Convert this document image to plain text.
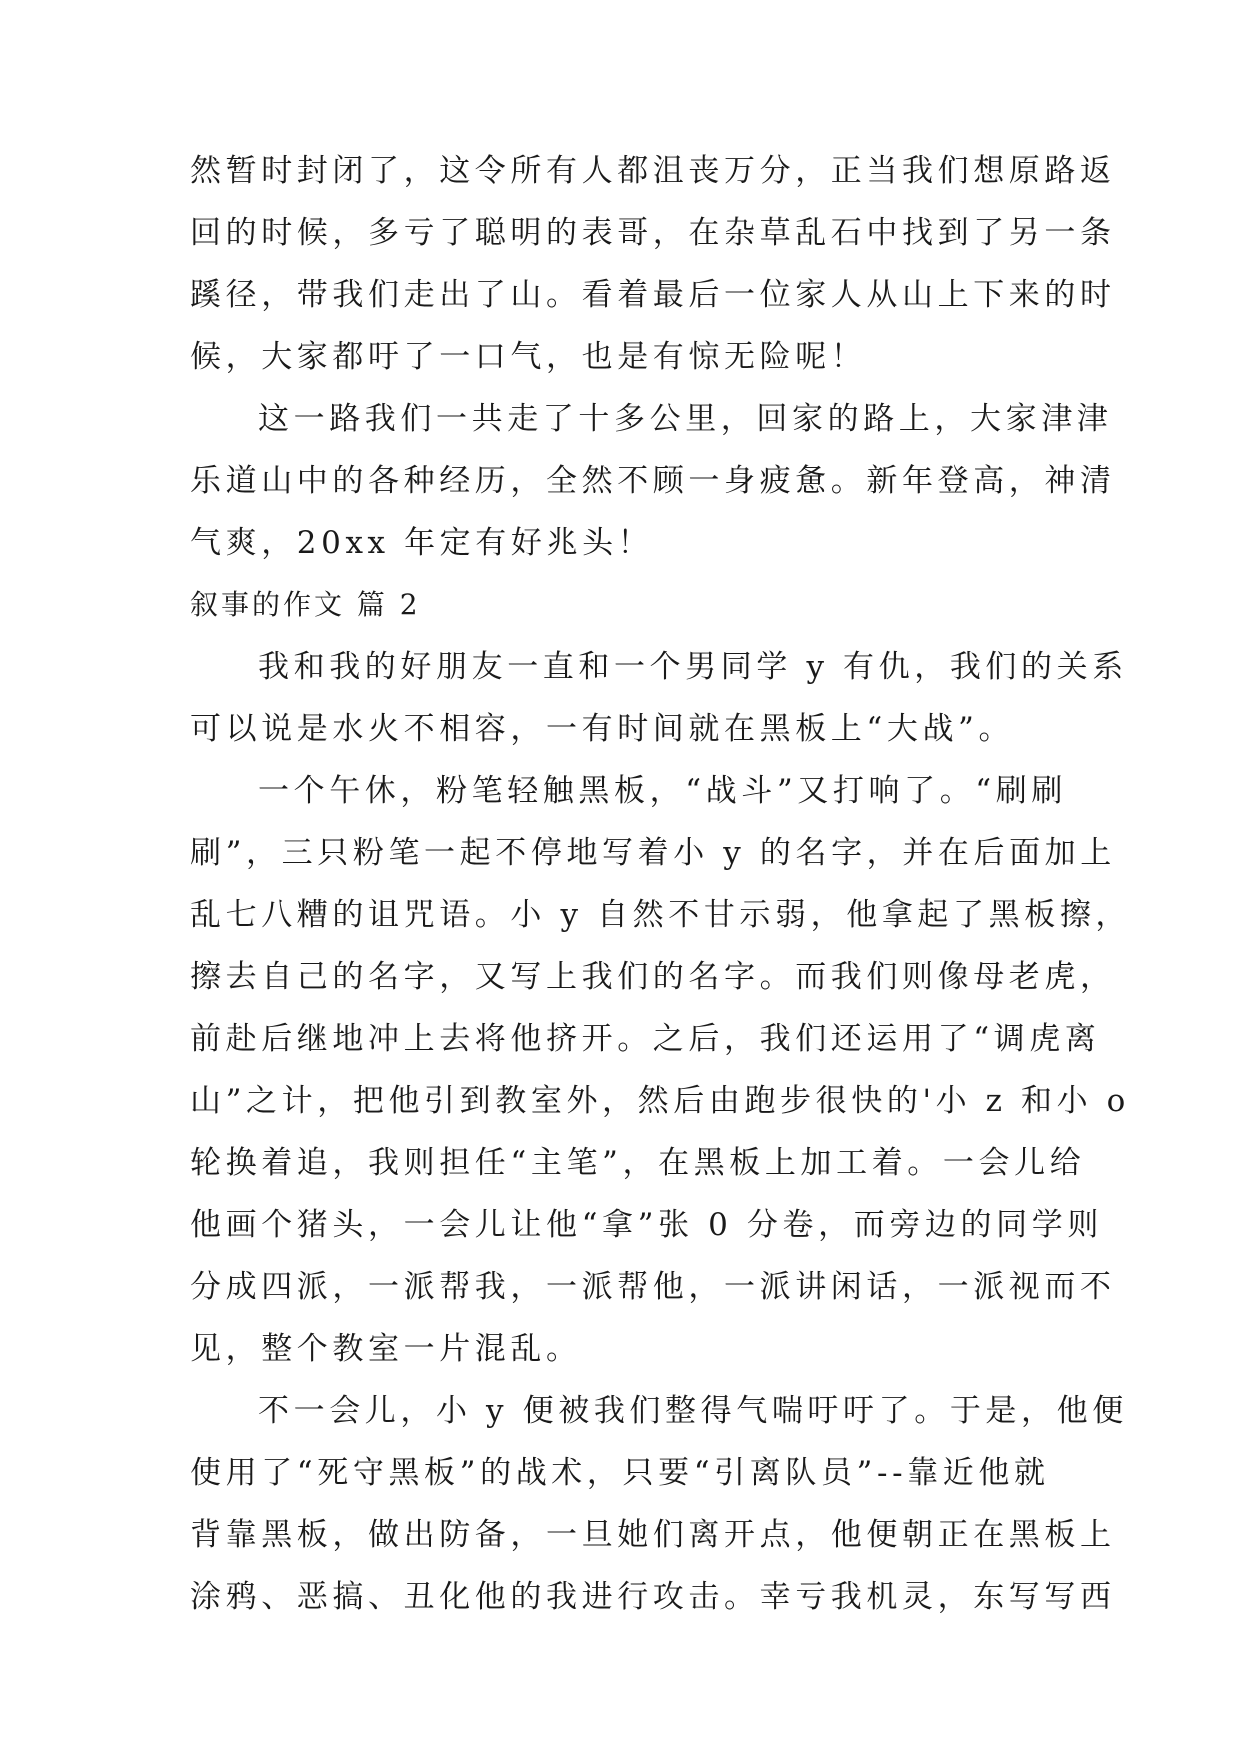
然暂时封闭了，这令所有人都沮丧万分，正当我们想原路返
回的时候，多亏了聪明的表哥，在杂草乱石中找到了另一条
蹊径，带我们走出了山。看着最后一位家人从山上下来的时
候，大家都吁了一口气，也是有惊无险呢！
这一路我们一共走了十多公里，回家的路上，大家津津
乐道山中的各种经历，全然不顾一身疲惫。新年登高，神清
气爽，20xx 年定有好兆头！
叙事的作文 篇 2
我和我的好朋友一直和一个男同学 y 有仇，我们的关系
可以说是水火不相容，一有时间就在黑板上“大战”。
一个午休，粉笔轻触黑板，“战斗”又打响了。“刷刷
刷”，三只粉笔一起不停地写着小 y 的名字，并在后面加上
乱七八糟的诅咒语。小 y 自然不甘示弱，他拿起了黑板擦，
擦去自己的名字，又写上我们的名字。而我们则像母老虎，
前赴后继地冲上去将他挤开。之后，我们还运用了“调虎离
山”之计，把他引到教室外，然后由跑步很快的'小 z 和小 o
轮换着追，我则担任“主笔”，在黑板上加工着。一会儿给
他画个猪头，一会儿让他“拿”张 0 分卷，而旁边的同学则
分成四派，一派帮我，一派帮他，一派讲闲话，一派视而不
见，整个教室一片混乱。
不一会儿，小 y 便被我们整得气喘吁吁了。于是，他便
使用了“死守黑板”的战术，只要“引离队员”--靠近他就
背靠黑板，做出防备，一旦她们离开点，他便朝正在黑板上
涂鸦、恶搞、丑化他的我进行攻击。幸亏我机灵，东写写西
